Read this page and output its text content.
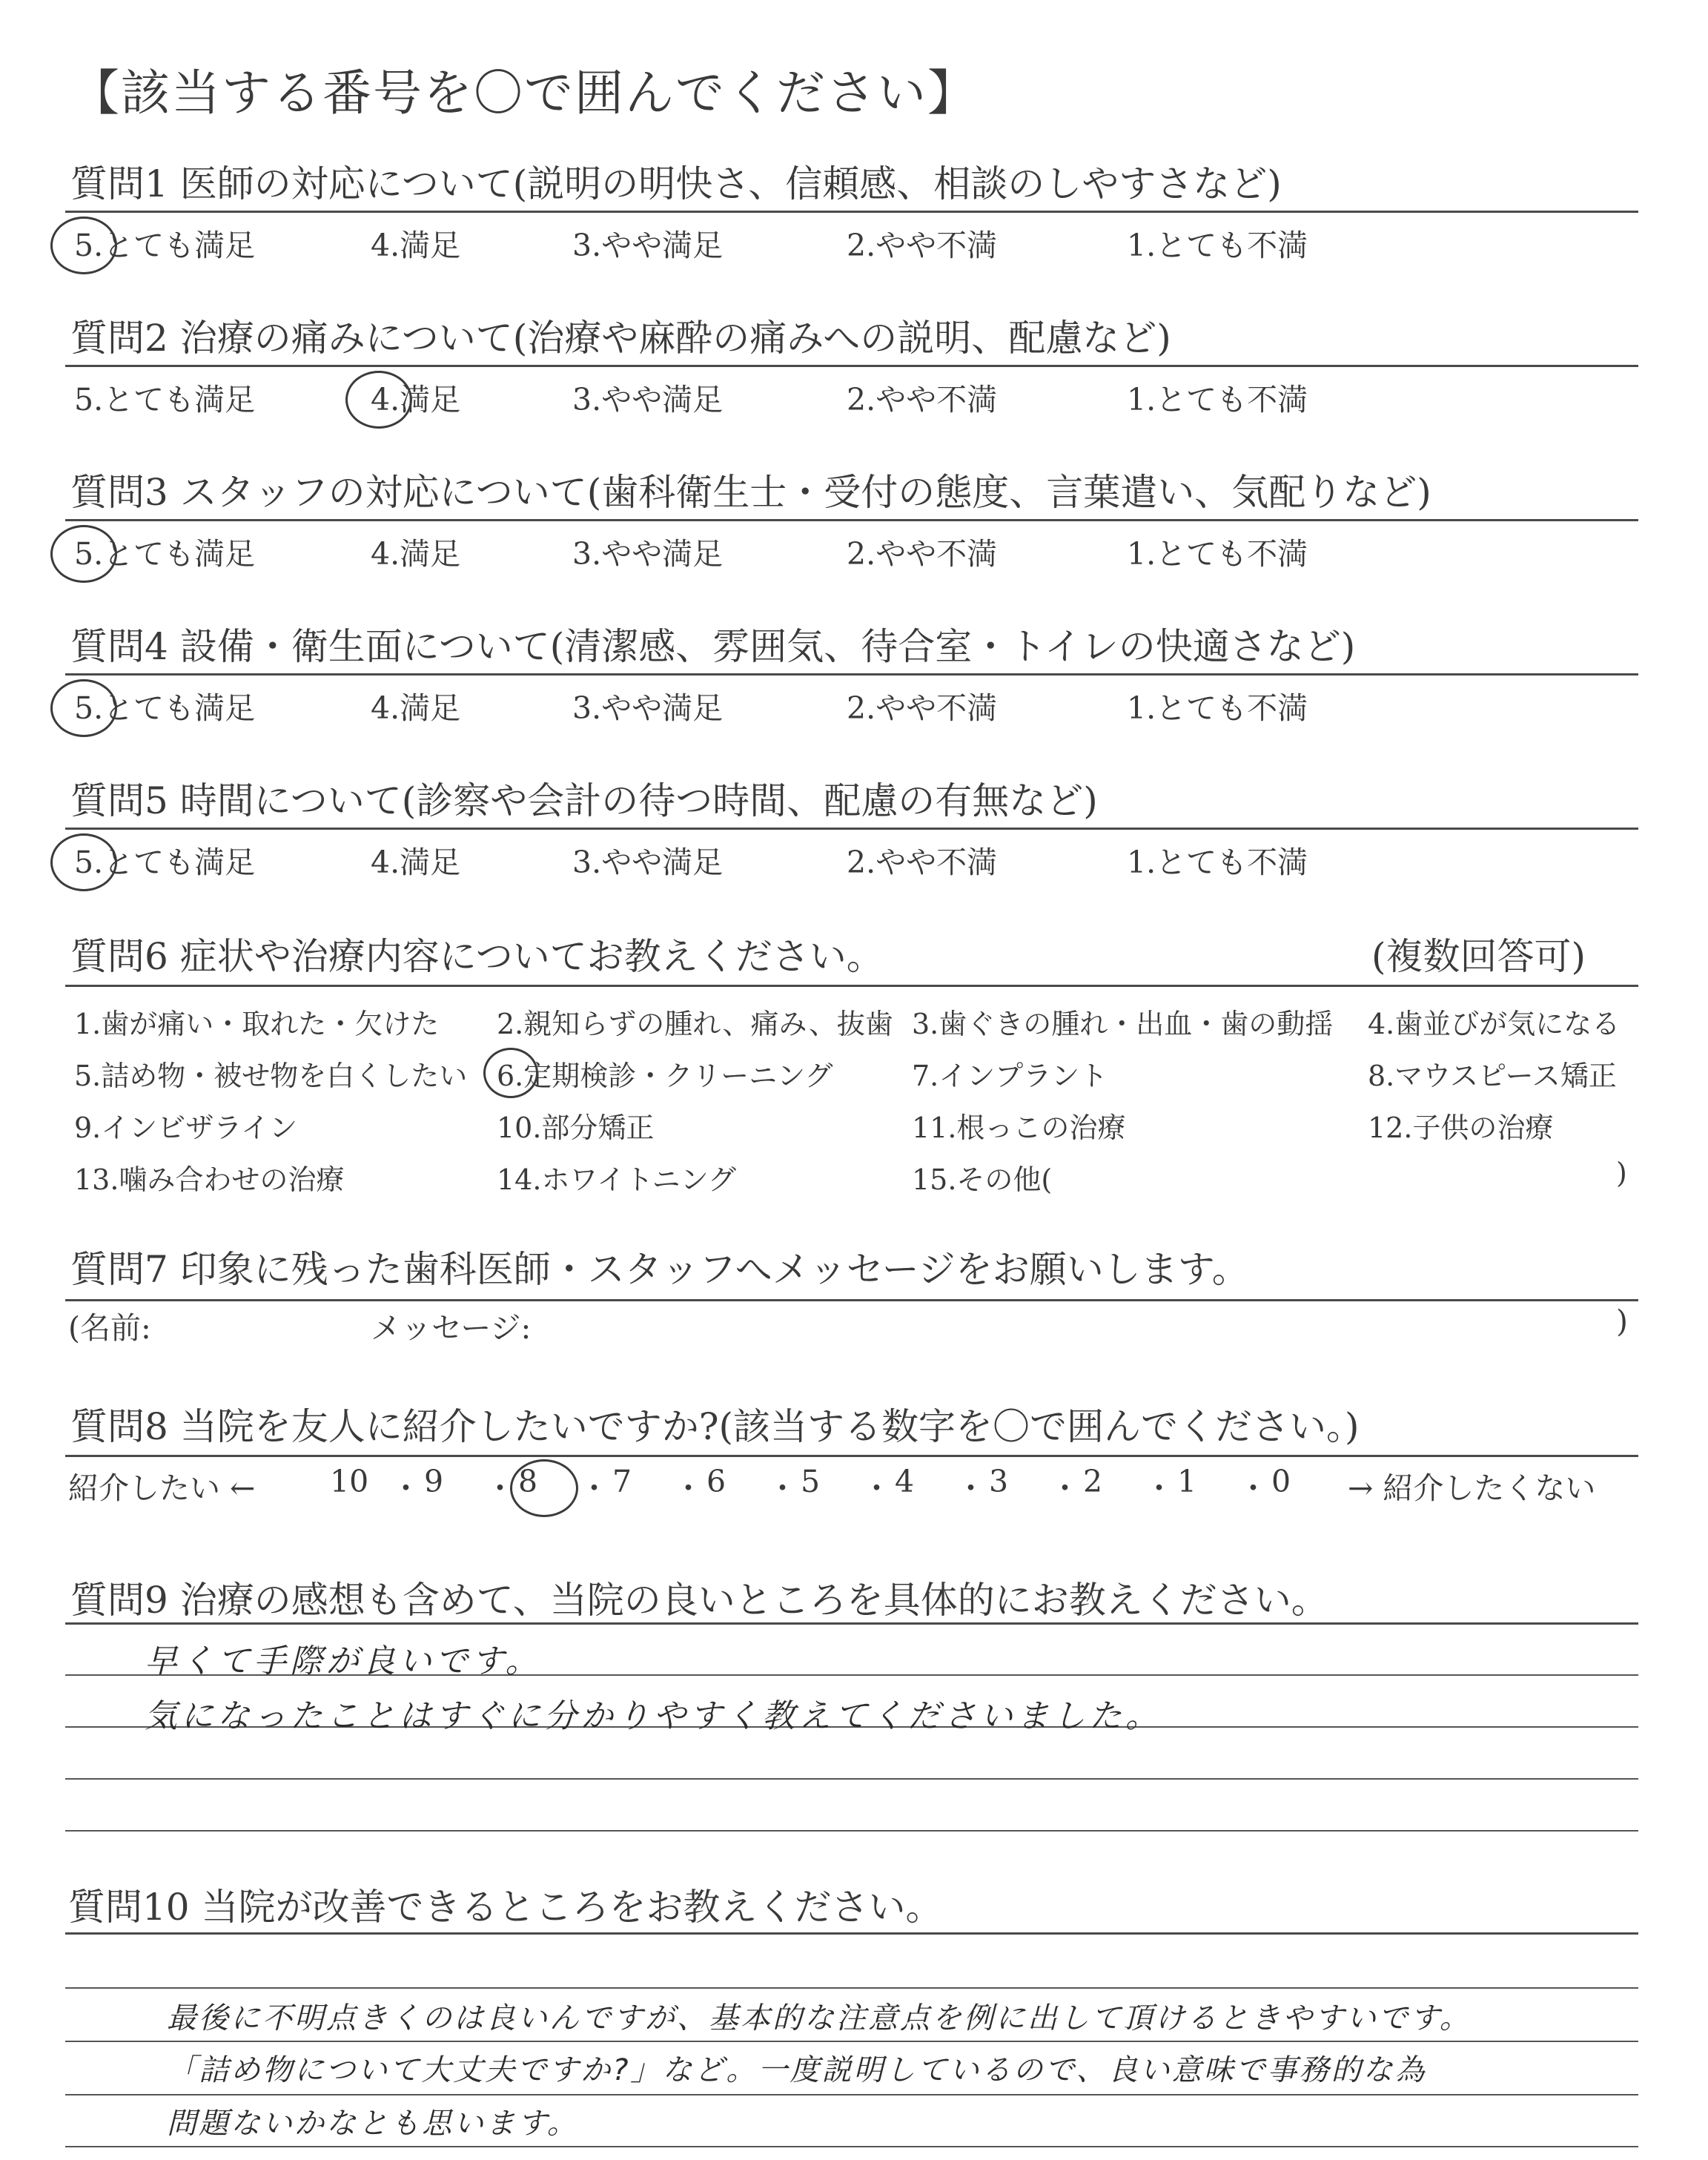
【該当する番号を〇で囲んでください】
質問1 医師の対応について(説明の明快さ、信頼感、相談のしやすさなど)
5.とても満足	4.満足	3.やや満足	2.やや不満	1.とても不満
質問2 治療の痛みについて(治療や麻酔の痛みへの説明、配慮など)
5.とても満足	4.満足	3.やや満足	2.やや不満	1.とても不満
質問3 スタッフの対応について(歯科衛生士・受付の態度、言葉遣い、気配りなど)
5.とても満足	4.満足	3.やや満足	2.やや不満	1.とても不満
質問4 設備・衛生面について(清潔感、雰囲気、待合室・トイレの快適さなど)
5.とても満足	4.満足	3.やや満足	2.やや不満	1.とても不満
質問5 時間について(診察や会計の待つ時間、配慮の有無など)
5.とても満足	4.満足	3.やや満足	2.やや不満	1.とても不満
質問6 症状や治療内容についてお教えください。	(複数回答可)
1.歯が痛い・取れた・欠けた 2.親知らずの腫れ、痛み、抜歯 3.歯ぐきの腫れ・出血・歯の動揺 4.歯並びが気になる
5.詰め物・被せ物を白くしたい 6.定期検診・クリーニング	7.インプラント	8.マウスピース矯正
9.インビザライン	10.部分矯正	11.根っこの治療	12.子供の治療
13.噛み合わせの治療	14.ホワイトニング	15.その他(	)
質問7 印象に残った歯科医師・スタッフへメッセージをお願いします。
(名前:	メッセージ:	)
質問8 当院を友人に紹介したいですか?(該当する数字を〇で囲んでください。)
紹介したい ← 10 ・ 9 ・ 8 ・ 7 ・ 6 ・ 5 ・ 4 ・ 3 ・ 2 ・ 1 ・ 0 → 紹介したくない
質問9 治療の感想も含めて、当院の良いところを具体的にお教えください。
早くて手際が良いです。
気になったことはすぐに分かりやすく教えてくださいました。
質問10 当院が改善できるところをお教えください。
最後に不明点きくのは良いんですが、基本的な注意点を例に出して頂けるときやすいです。
「詰め物について大丈夫ですか?」など。一度説明しているので、良い意味で事務的な為
問題ないかなとも思います。
